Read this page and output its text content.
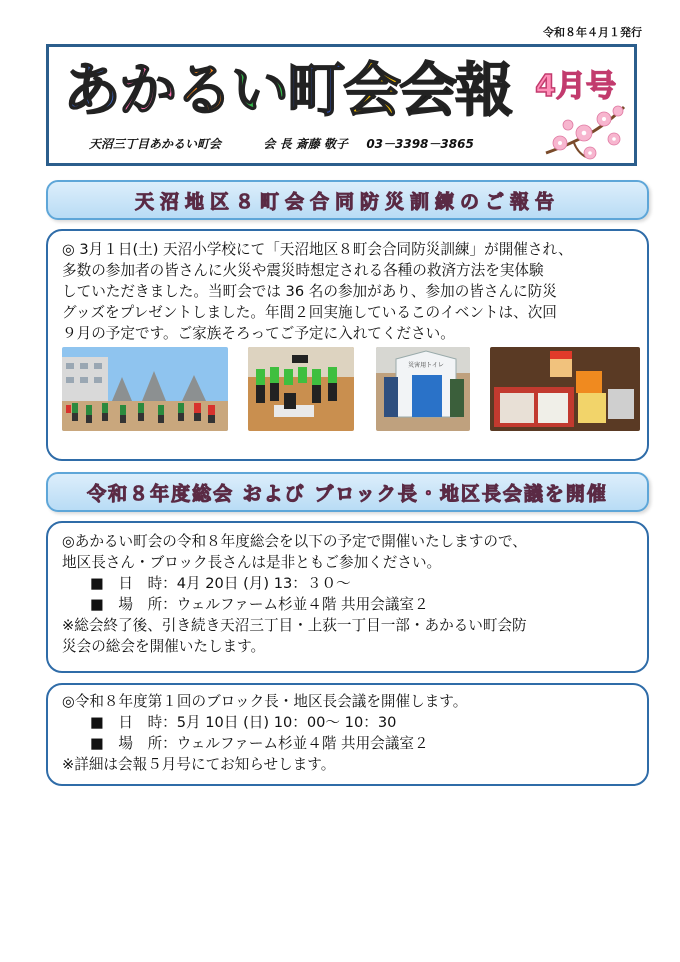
令和８年４月１発行
あかるい町会会報 4月号
天沼三丁目あかるい町会	会 長 斎藤 敬子 03－3398－3865
天沼地区８町会合同防災訓練のご報告
◎ 3月１日(土) 天沼小学校にて「天沼地区８町会合同防災訓練」が開催され、
多数の参加者の皆さんに火災や震災時想定される各種の救済方法を実体験
していただきました。当町会では 36 名の参加があり、参加の皆さんに防災
グッズをプレゼントしました。年間２回実施しているこのイベントは、次回
９月の予定です。ご家族そろってご予定に入れてください。
災害用トイレ
令和８年度総会 および ブロック長・地区長会議を開催
◎あかるい町会の令和８年度総会を以下の予定で開催いたしますので、
地区長さん・ブロック長さんは是非ともご参加ください。
■　日　時：4月 20日 (月) 13：３０～
■　場　所：ウェルファーム杉並４階 共用会議室２
※総会終了後、引き続き天沼三丁目・上荻一丁目一部・あかるい町会防
災会の総会を開催いたします。
◎令和８年度第１回のブロック長・地区長会議を開催します。
■　日　時：5月 10日 (日) 10：00～ 10：30
■　場　所：ウェルファーム杉並４階 共用会議室２
※詳細は会報５月号にてお知らせします。
